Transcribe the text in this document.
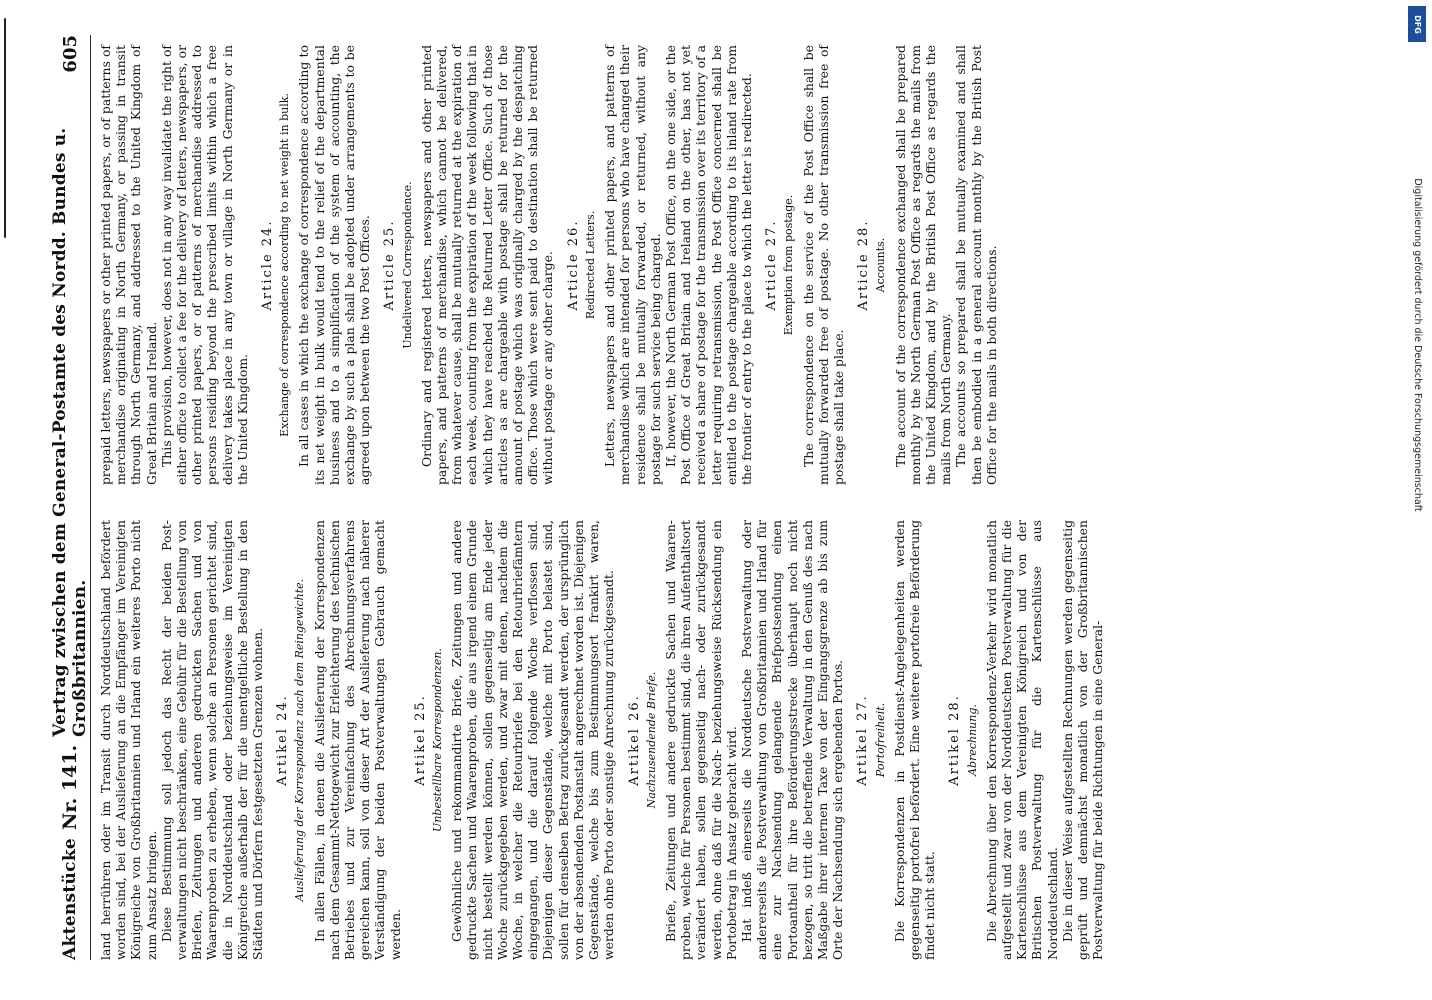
Aktenstücke
Nr. 141.
Vertrag zwischen dem General-Postamte des Nordd. Bundes u. Großbritannien.
605

land herrühren oder im Transit durch Norddeutschland befördert worden sind, bei der Auslieferung an die Empfänger im Vereinigten Königreiche von Großbritannien und Irland ein weiteres Porto nicht zum Ansatz bringen. Diese Bestimmung soll jedoch das Recht der beiden Postverwaltungen nicht beschränken, eine Gebühr für die Bestellung von Briefen, Zeitungen und anderen gedruckten Sachen und von Waarenproben zu erheben, wenn solche an Personen gerichtet sind, die in Norddeutschland oder beziehungsweise im Vereinigten Königreiche außerhalb der für die unentgeltliche Bestellung in den Städten und Dörfern festgesetzten Grenzen wohnen. Artikel 24. Auslieferung der Korrespondenz nach dem Reingewichte. In allen Fällen, in denen die Auslieferung der Korrespondenzen nach dem Gesammt-Nettogewicht zur Erleichterung des technischen Betriebes und zur Vereinfachung des Abrechnungsverfahrens gereichen kann, soll von dieser Art der Auslieferung nach näherer Verständigung der beiden Postverwaltungen Gebrauch gemacht werden.

Artikel 25. Unbestellbare Korrespondenzen. Gewöhnliche und rekommandirte Briefe, Zeitungen und andere gedruckte Sachen und Waarenproben, die aus irgend einem Grunde nicht bestellt werden können, sollen gegenseitig am Ende jeder Woche zurückgegeben werden, und zwar mit denen, nachdem die Woche, in welcher die Retourbriefe bei den Retourbriefämtern eingegangen, und die darauf folgende Woche verflossen sind. Diejenigen dieser Gegenstände, welche mit Porto belastet sind, sollen für denselben Betrag zurückgesandt werden, der ursprünglich von der absendenden Postanstalt angerechnet worden ist. Diejenigen Gegenstände, welche bis zum Bestimmungsort frankirt waren, werden ohne Porto oder sonstige Anrechnung zurückgesandt. Artikel 26. Nachzusendende Briefe. Briefe, Zeitungen und andere gedruckte Sachen und Waarenproben, welche für Personen bestimmt sind, die ihren Aufenthaltsort verändert haben, sollen gegenseitig nach- oder zurückgesandt werden, ohne daß für die Nach- beziehungsweise Rücksendung ein Portobetrag in Ansatz gebracht wird. Hat indeß einerseits die Norddeutsche Postverwaltung oder andererseits die Postverwaltung von Großbritannien und Irland für eine zur Nachsendung gelangende Briefpostsendung einen Portoantheil für ihre Beförderungsstrecke überhaupt noch nicht bezogen, so tritt die betreffende Verwaltung in den Genuß des nach Maßgabe ihrer internen Taxe von der Eingangsgrenze ab bis zum Orte der Nachsendung sich ergebenden Portos. Artikel 27. Portofreiheit. Die Korrespondenzen in Postdienst-Angelegenheiten werden gegenseitig portofrei befördert. Eine weitere portofreie Beförderung findet nicht statt.

Artikel 28. Abrechnung. Die Abrechnung über den Korrespondenz-Verkehr wird monatlich aufgestellt und zwar von der Norddeutschen Postverwaltung für die Kartenschlüsse aus dem Vereinigten Königreich und von der Britischen Postverwaltung für die Kartenschlüsse aus Norddeutschland. Die in dieser Weise aufgestellten Rechnungen werden gegenseitig geprüft und demnächst monatlich von der Großbritannischen Postverwaltung für beide Richtungen in eine General-

prepaid letters, newspapers or other printed papers, or of patterns of merchandise originating in North Germany, or passing in transit through North Germany, and addressed to the United Kingdom of Great Britain and Ireland. This provision, however, does not in any way invalidate the right of either office to collect a fee for the delivery of letters, newspapers, or other printed papers, or of patterns of merchandise addressed to persons residing beyond the prescribed limits within which a free delivery takes place in any town or village in North Germany or in the United Kingdom.

Article 24. Exchange of correspondence according to net weight in bulk. In all cases in which the exchange of correspondence according to its net weight in bulk would tend to the relief of the departmental business and to a simplification of the system of accounting, the exchange by such a plan shall be adopted under arrangements to be agreed upon between the two Post Offices. Article 25. Undelivered Correspondence. Ordinary and registered letters, newspapers and other printed papers, and patterns of merchandise, which cannot be delivered, from whatever cause, shall be mutually returned at the expiration of each week, counting from the expiration of the week following that in which they have reached the Returned Letter Office. Such of those articles as are chargeable with postage shall be returned for the amount of postage which was originally charged by the despatching office. Those which were sent paid to destination shall be returned without postage or any other charge. Article 26. Redirected Letters. Letters, newspapers and other printed papers, and patterns of merchandise which are intended for persons who have changed their residence shall be mutually forwarded, or returned, without any postage for such service being charged. If, however, the North German Post Office, on the one side, or the Post Office of Great Britain and Ireland on the other, has not yet received a share of postage for the transmission over its territory of a letter requiring retransmission, the Post Office concerned shall be entitled to the postage chargeable according to its inland rate from the frontier of entry to the place to which the letter is redirected. Article 27. Exemption from postage. The correspondence on the service of the Post Office shall be mutually forwarded free of postage. No other transmission free of postage shall take place.

Article 28. Accounts. The account of the correspondence exchanged shall be prepared monthly by the North German Post Office as regards the mails from the United Kingdom, and by the British Post Office as regards the mails from North Germany. The accounts so prepared shall be mutually examined and shall then be embodied in a general account monthly by the British Post Office for the mails in both directions.

DFG
Digitalisierung gefördert durch die Deutsche Forschungsgemeinschaft
